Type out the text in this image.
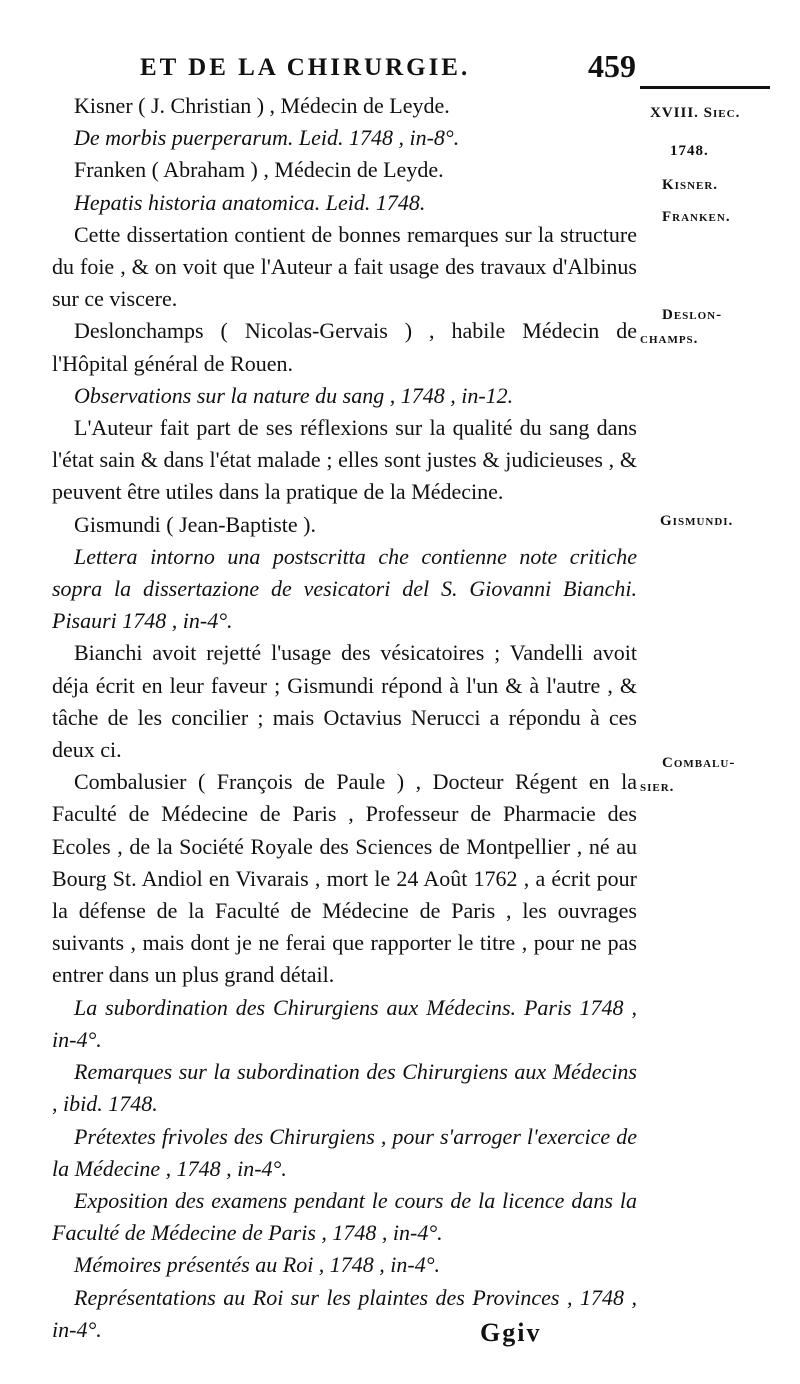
ET DE LA CHIRURGIE.	459
XVIII. Siec.
1748.
Kisner.
Franken.
Deslon-
champs.
Gismundi.
Combalu-
sier.

Kisner ( J. Christian ) , Médecin de Leyde.

De morbis puerperarum. Leid. 1748 , in-8°.

Franken ( Abraham ) , Médecin de Leyde.

Hepatis historia anatomica. Leid. 1748.

Cette dissertation contient de bonnes remarques sur la structure du foie , & on voit que l'Auteur a fait usage des travaux d'Albinus sur ce viscere.

Deslonchamps ( Nicolas-Gervais ) , habile Médecin de l'Hôpital général de Rouen.

Observations sur la nature du sang , 1748 , in-12.

L'Auteur fait part de ses réflexions sur la qualité du sang dans l'état sain & dans l'état malade ; elles sont justes & judicieuses , & peuvent être utiles dans la pratique de la Médecine.

Gismundi ( Jean-Baptiste ).

Lettera intorno una postscritta che contienne note critiche sopra la dissertazione de vesicatori del S. Giovanni Bianchi. Pisauri 1748 , in-4°.

Bianchi avoit rejetté l'usage des vésicatoires ; Vandelli avoit déja écrit en leur faveur ; Gismundi répond à l'un & à l'autre , & tâche de les concilier ; mais Octavius Nerucci a répondu à ces deux ci.

Combalusier ( François de Paule ) , Docteur Régent en la Faculté de Médecine de Paris , Professeur de Pharmacie des Ecoles , de la Société Royale des Sciences de Montpellier , né au Bourg St. Andiol en Vivarais , mort le 24 Août 1762 , a écrit pour la défense de la Faculté de Médecine de Paris , les ouvrages suivants , mais dont je ne ferai que rapporter le titre , pour ne pas entrer dans un plus grand détail.

La subordination des Chirurgiens aux Médecins. Paris 1748 , in-4°.

Remarques sur la subordination des Chirurgiens aux Médecins , ibid. 1748.

Prétextes frivoles des Chirurgiens , pour s'arroger l'exercice de la Médecine , 1748 , in-4°.

Exposition des examens pendant le cours de la licence dans la Faculté de Médecine de Paris , 1748 , in-4°.

Mémoires présentés au Roi , 1748 , in-4°.

Représentations au Roi sur les plaintes des Provinces , 1748 , in-4°.	Ggiv
